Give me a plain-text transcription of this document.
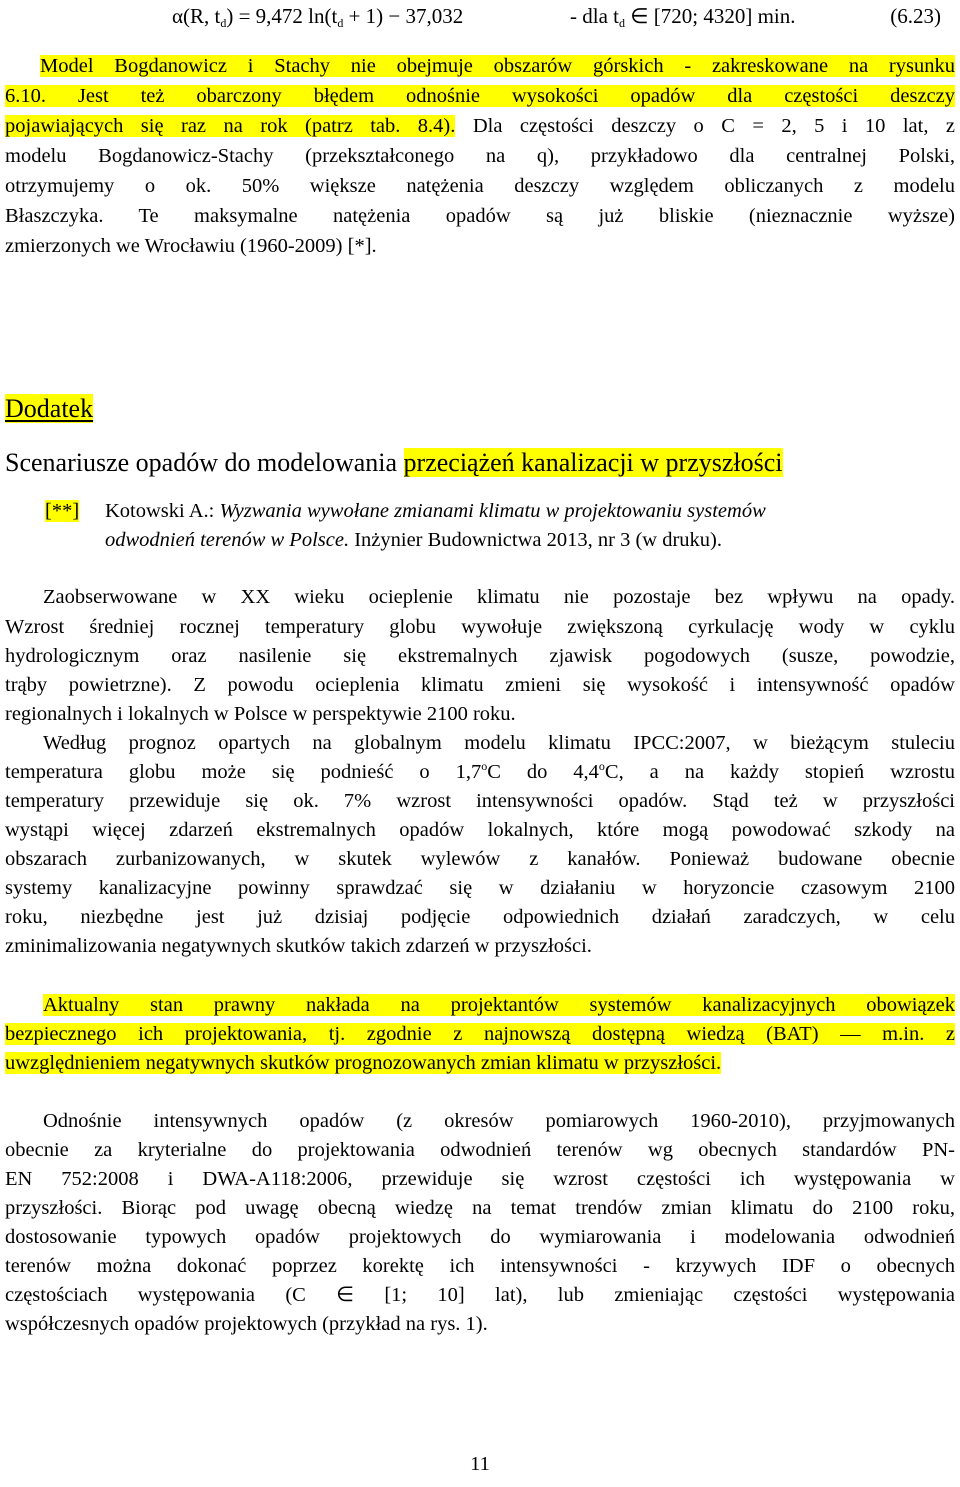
α(R, $t_d) = 9,472$ $\ln(t_d + 1) - 37,032$	- dla $t_d$ ∈ [720; 4320] min.	(6.23)
Model Bogdanowicz i Stachy nie obejmuje obszarów górskich - zakreskowane na rysunku
6.10. Jest też obarczony błędem odnośnie wysokości opadów dla częstości deszczy
pojawiających się raz na rok (patrz tab. 8.4). Dla częstości deszczy o C = 2, 5 i 10 lat, z
modelu Bogdanowicz-Stachy (przekształconego na q), przykładowo dla centralnej Polski,
otrzymujemy o ok. 50% większe natężenia deszczy względem obliczanych z modelu
Błaszczyka. Te maksymalne natężenia opadów są już bliskie (nieznacznie wyższe)
zmierzonych we Wrocławiu (1960-2009) [*].
Dodatek
Scenariusze opadów do modelowania przeciążeń kanalizacji w przyszłości
[**] Kotowski A.: Wyzwania wywołane zmianami klimatu w projektowaniu systemów
odwodnień terenów w Polsce. Inżynier Budownictwa 2013, nr 3 (w druku).
Zaobserwowane w XX wieku ocieplenie klimatu nie pozostaje bez wpływu na opady.
Wzrost średniej rocznej temperatury globu wywołuje zwiększoną cyrkulację wody w cyklu
hydrologicznym oraz nasilenie się ekstremalnych zjawisk pogodowych (susze, powodzie,
trąby powietrzne). Z powodu ocieplenia klimatu zmieni się wysokość i intensywność opadów
regionalnych i lokalnych w Polsce w perspektywie 2100 roku.
Według prognoz opartych na globalnym modelu klimatu IPCC:2007, w bieżącym stuleciu
temperatura globu może się podnieść o 1,7$^o$C do 4,4$^o$C, a na każdy stopień wzrostu
temperatury przewiduje się ok. 7% wzrost intensywności opadów. Stąd też w przyszłości
wystąpi więcej zdarzeń ekstremalnych opadów lokalnych, które mogą powodować szkody na
obszarach zurbanizowanych, w skutek wylewów z kanałów. Ponieważ budowane obecnie
systemy kanalizacyjne powinny sprawdzać się w działaniu w horyzoncie czasowym 2100
roku, niezbędne jest już dzisiaj podjęcie odpowiednich działań zaradczych, w celu
zminimalizowania negatywnych skutków takich zdarzeń w przyszłości.
Aktualny stan prawny nakłada na projektantów systemów kanalizacyjnych obowiązek
bezpiecznego ich projektowania, tj. zgodnie z najnowszą dostępną wiedzą (BAT) — m.in. z
uwzględnieniem negatywnych skutków prognozowanych zmian klimatu w przyszłości.
Odnośnie intensywnych opadów (z okresów pomiarowych 1960-2010), przyjmowanych
obecnie za kryterialne do projektowania odwodnień terenów wg obecnych standardów PN-
EN 752:2008 i DWA-A118:2006, przewiduje się wzrost częstości ich występowania w
przyszłości. Biorąc pod uwagę obecną wiedzę na temat trendów zmian klimatu do 2100 roku,
dostosowanie typowych opadów projektowych do wymiarowania i modelowania odwodnień
terenów można dokonać poprzez korektę ich intensywności - krzywych IDF o obecnych
częstościach występowania (C ∈ [1; 10] lat), lub zmieniając częstości występowania
współczesnych opadów projektowych (przykład na rys. 1).
11
